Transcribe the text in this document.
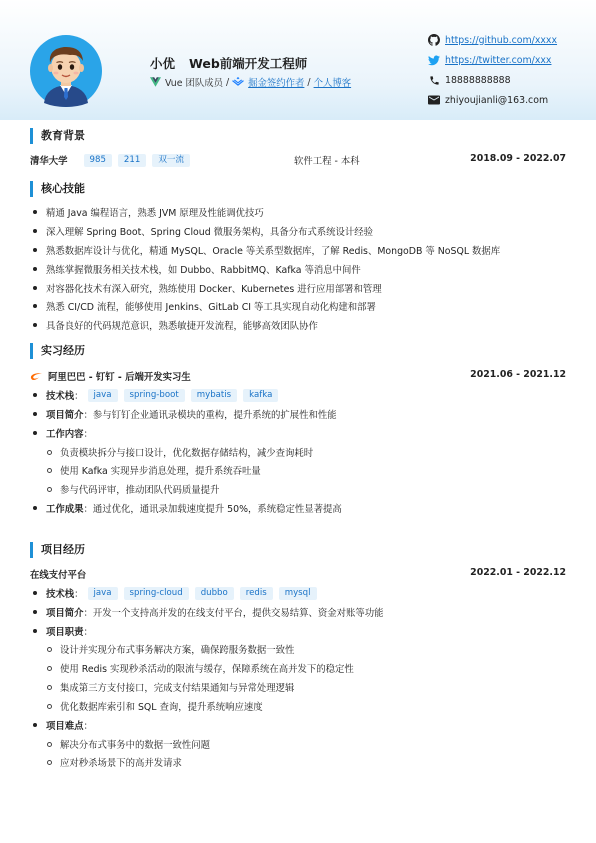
小优 Web前端开发工程师
Vue 团队成员 / 掘金签约作者 / 个人博客
https://github.com/xxxx
https://twitter.com/xxx
18888888888
zhiyoujianli@163.com
教育背景
清华大学	985	211	双一流	软件工程 - 本科	2018.09 - 2022.07
核心技能
精通 Java 编程语言，熟悉 JVM 原理及性能调优技巧
深入理解 Spring Boot、Spring Cloud 微服务架构，具备分布式系统设计经验
熟悉数据库设计与优化，精通 MySQL、Oracle 等关系型数据库，了解 Redis、MongoDB 等 NoSQL 数据库
熟练掌握微服务相关技术栈，如 Dubbo、RabbitMQ、Kafka 等消息中间件
对容器化技术有深入研究，熟练使用 Docker、Kubernetes 进行应用部署和管理
熟悉 CI/CD 流程，能够使用 Jenkins、GitLab CI 等工具实现自动化构建和部署
具备良好的代码规范意识，熟悉敏捷开发流程，能够高效团队协作
实习经历
阿里巴巴 - 钉钉 - 后端开发实习生	2021.06 - 2021.12
技术栈 ：	java	spring-boot	mybatis	kafka
项目简介 ： 参与钉钉企业通讯录模块的重构，提升系统的扩展性和性能
工作内容 ：
负责模块拆分与接口设计，优化数据存储结构，减少查询耗时
使用 Kafka 实现异步消息处理，提升系统吞吐量
参与代码评审，推动团队代码质量提升
工作成果 ： 通过优化，通讯录加载速度提升 50%，系统稳定性显著提高
项目经历
在线支付平台	2022.01 - 2022.12
技术栈 ：	java	spring-cloud	dubbo	redis	mysql
项目简介 ： 开发一个支持高并发的在线支付平台，提供交易结算、资金对账等功能
项目职责 ：
设计并实现分布式事务解决方案，确保跨服务数据一致性
使用 Redis 实现秒杀活动的限流与缓存，保障系统在高并发下的稳定性
集成第三方支付接口，完成支付结果通知与异常处理逻辑
优化数据库索引和 SQL 查询，提升系统响应速度
项目难点 ：
解决分布式事务中的数据一致性问题
应对秒杀场景下的高并发请求
